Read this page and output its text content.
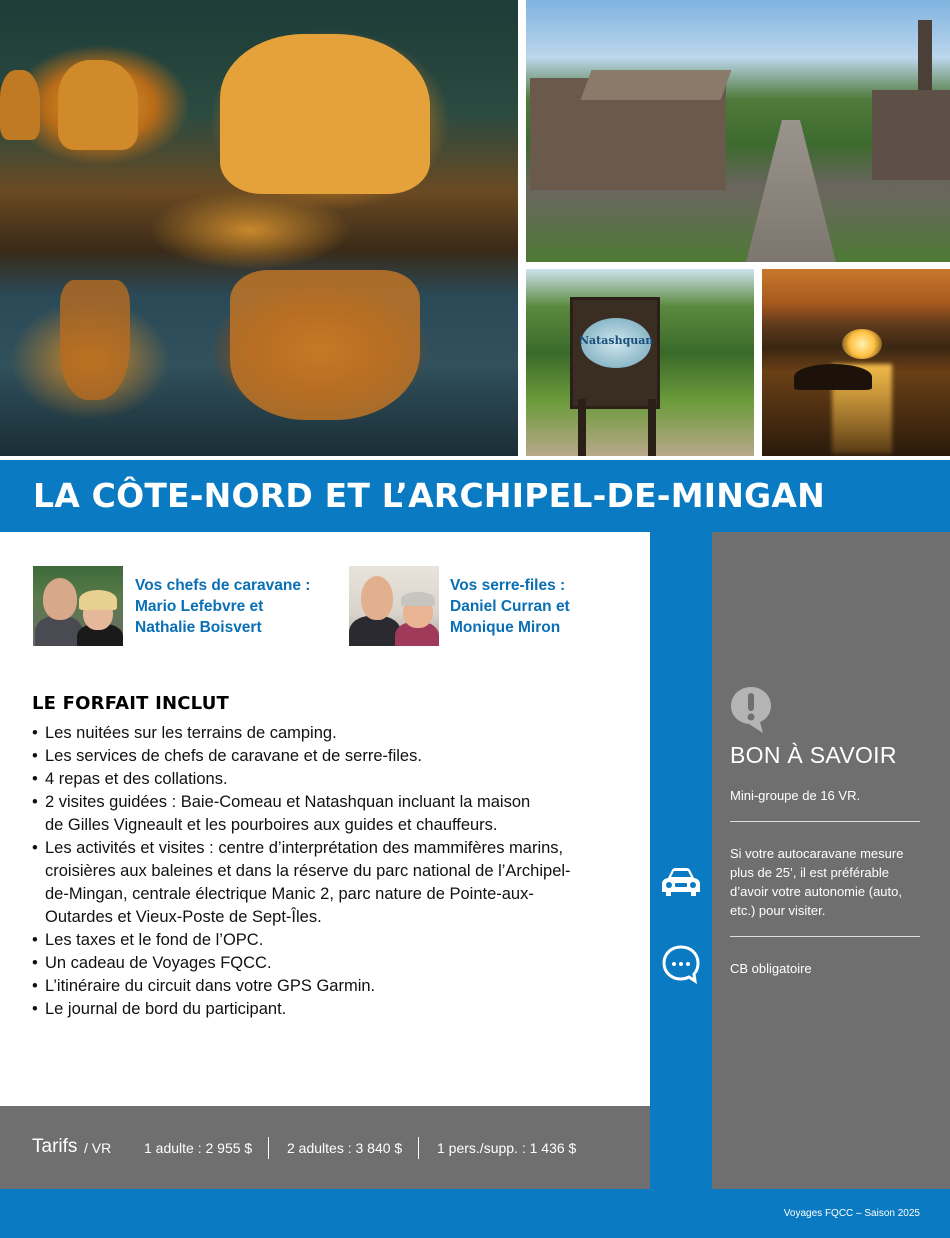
Natashquan
LA CÔTE-NORD ET L’ARCHIPEL-DE-MINGAN
Voyages FQCC – Saison 2025
BON À SAVOIR
Mini-groupe de 16 VR.
Si votre autocaravane mesure plus de 25’, il est préférable d’avoir votre autonomie (auto, etc.) pour visiter.
CB obligatoire
Vos chefs de caravane :
Mario Lefebvre et
Nathalie Boisvert
Vos serre-files :
Daniel Curran et
Monique Miron
LE FORFAIT INCLUT
• Les nuitées sur les terrains de camping.
• Les services de chefs de caravane et de serre-files.
• 4 repas et des collations.
• 2 visites guidées : Baie-Comeau et Natashquan incluant la maison de Gilles Vigneault et les pourboires aux guides et chauffeurs.
• Les activités et visites : centre d’interprétation des mammifères marins, croisières aux baleines et dans la réserve du parc national de l’Archipel-de-Mingan, centrale électrique Manic 2, parc nature de Pointe-aux-Outardes et Vieux-Poste de Sept-Îles.
• Les taxes et le fond de l’OPC.
• Un cadeau de Voyages FQCC.
• L’itinéraire du circuit dans votre GPS Garmin.
• Le journal de bord du participant.
Tarifs / VR 1 adulte : 2 955 $ 2 adultes : 3 840 $ 1 pers./supp. : 1 436 $
